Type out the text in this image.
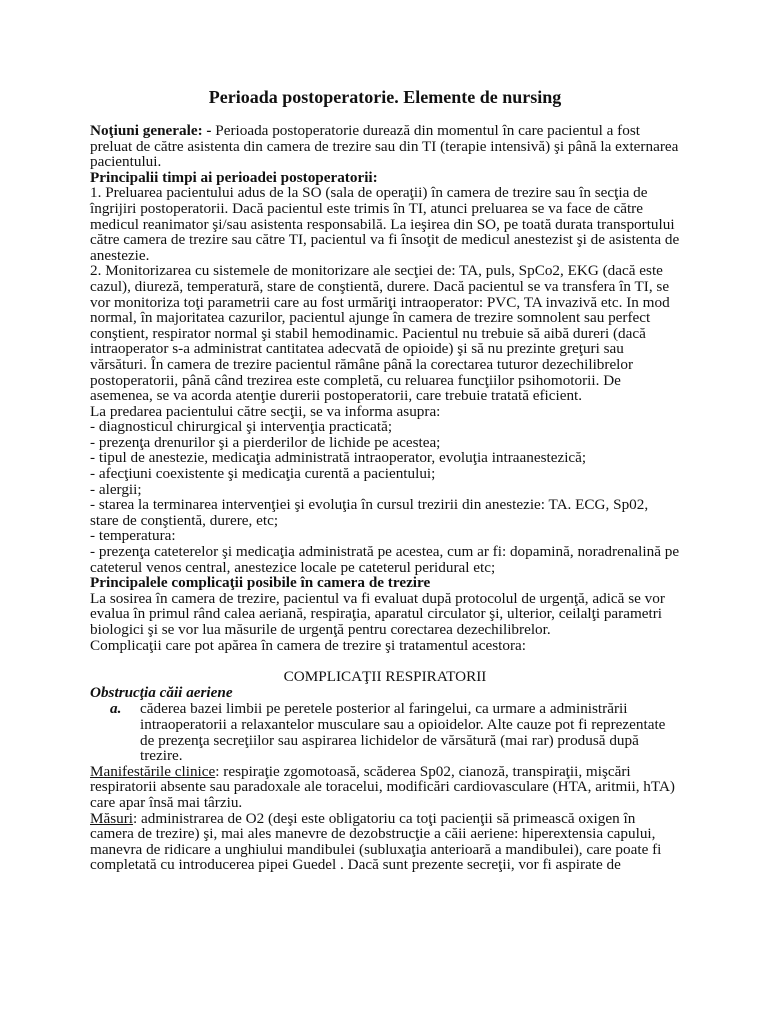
Perioada postoperatorie. Elemente de nursing

Noţiuni generale: - Perioada postoperatorie durează din momentul în care pacientul a fost preluat de către asistenta din camera de trezire sau din TI (terapie intensivă) şi până la externarea pacientului.

Principalii timpi ai perioadei postoperatorii:

1. Preluarea pacientului adus de la SO (sala de operaţii) în camera de trezire sau în secţia de îngrijiri postoperatorii. Dacă pacientul este trimis în TI, atunci preluarea se va face de către medicul reanimator şi/sau asistenta responsabilă. La ieşirea din SO, pe toată durata transportului către camera de trezire sau către TI, pacientul va fi însoţit de medicul anestezist şi de asistenta de anestezie.

2. Monitorizarea cu sistemele de monitorizare ale secţiei de: TA, puls, SpCo2, EKG (dacă este cazul), diureză, temperatură, stare de conştientă, durere. Dacă pacientul se va transfera în TI, se vor monitoriza toţi parametrii care au fost urmăriţi intraoperator: PVC, TA invazivă etc. In mod normal, în majoritatea cazurilor, pacientul ajunge în camera de trezire somnolent sau perfect conştient, respirator normal şi stabil hemodinamic. Pacientul nu trebuie să aibă dureri (dacă intraoperator s-a administrat cantitatea adecvată de opioide) şi să nu prezinte greţuri sau vărsături. În camera de trezire pacientul rămâne până la corectarea tuturor dezechilibrelor postoperatorii, până când trezirea este completă, cu reluarea funcţiilor psihomotorii. De asemenea, se va acorda atenţie durerii postoperatorii, care trebuie tratată eficient.

La predarea pacientului către secţii, se va informa asupra:

- diagnosticul chirurgical şi intervenţia practicată;

- prezenţa drenurilor şi a pierderilor de lichide pe acestea;

- tipul de anestezie, medicaţia administrată intraoperator, evoluţia intraanestezică;

- afecţiuni coexistente şi medicaţia curentă a pacientului;

- alergii;

- starea la terminarea intervenţiei şi evoluţia în cursul trezirii din anestezie: TA. ECG, Sp02, stare de conştientă, durere, etc;

- temperatura:

- prezenţa cateterelor şi medicaţia administrată pe acestea, cum ar fi: dopamină, noradrenalină pe cateterul venos central, anestezice locale pe cateterul peridural etc;

Principalele complicaţii posibile în camera de trezire

La sosirea în camera de trezire, pacientul va fi evaluat după protocolul de urgenţă, adică se vor evalua în primul rând calea aeriană, respiraţia, aparatul circulator şi, ulterior, ceilalţi parametri biologici şi se vor lua măsurile de urgenţă pentru corectarea dezechilibrelor.

Complicaţii care pot apărea în camera de trezire şi tratamentul acestora:

COMPLICAŢII RESPIRATORII

Obstrucţia căii aeriene

a.	căderea bazei limbii pe peretele posterior al faringelui, ca urmare a administrării intraoperatorii a relaxantelor musculare sau a opioidelor. Alte cauze pot fi reprezentate de prezenţa secreţiilor sau aspirarea lichidelor de vărsătură (mai rar) produsă după trezire.

Manifestările clinice: respiraţie zgomotoasă, scăderea Sp02, cianoză, transpiraţii, mişcări respiratorii absente sau paradoxale ale toracelui, modificări cardiovasculare (HTA, aritmii, hTA) care apar însă mai târziu.

Măsuri: administrarea de O2 (deşi este obligatoriu ca toţi pacienţii să primească oxigen în camera de trezire) şi, mai ales manevre de dezobstrucţie a căii aeriene: hiperextensia capului, manevra de ridicare a unghiului mandibulei (subluxaţia anterioară a mandibulei), care poate fi completată cu introducerea pipei Guedel . Dacă sunt prezente secreţii, vor fi aspirate de
